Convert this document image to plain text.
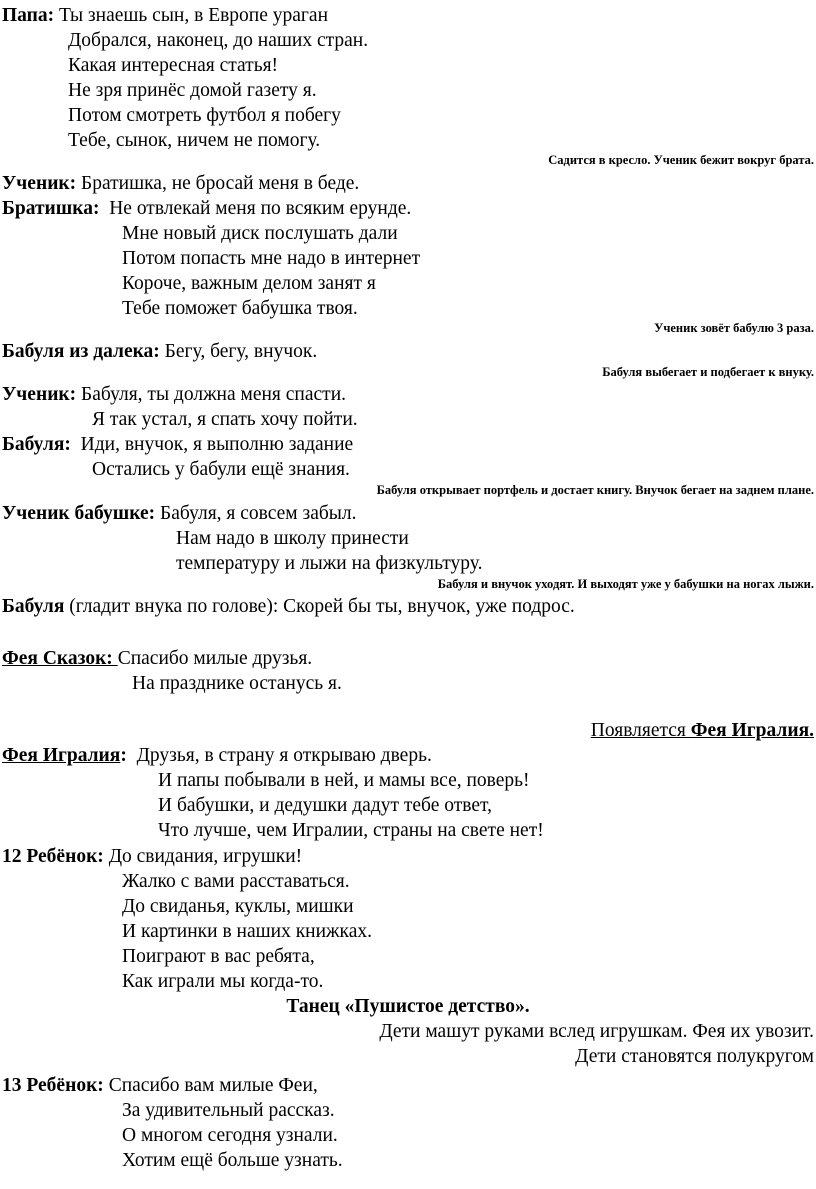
Папа: Ты знаешь сын, в Европе ураган
Добрался, наконец, до наших стран.
Какая интересная статья!
Не зря принёс домой газету я.
Потом смотреть футбол я побегу
Тебе, сынок, ничем не помогу.
Садится в кресло. Ученик бежит вокруг брата.
Ученик: Братишка, не бросай меня в беде.
Братишка: Не отвлекай меня по всяким ерунде.
Мне новый диск послушать дали
Потом попасть мне надо в интернет
Короче, важным делом занят я
Тебе поможет бабушка твоя.
Ученик зовёт бабулю 3 раза.
Бабуля из далека: Бегу, бегу, внучок.
Бабуля выбегает и подбегает к внуку.
Ученик: Бабуля, ты должна меня спасти.
Я так устал, я спать хочу пойти.
Бабуля: Иди, внучок, я выполню задание
Остались у бабули ещё знания.
Бабуля открывает портфель и достает книгу. Внучок бегает на заднем плане.
Ученик бабушке: Бабуля, я совсем забыл.
Нам надо в школу принести
температуру и лыжи на физкультуру.
Бабуля и внучок уходят. И выходят уже у бабушки на ногах лыжи.
Бабуля (гладит внука по голове): Скорей бы ты, внучок, уже подрос.
Фея Сказок: Спасибо милые друзья.
На празднике останусь я.
Появляется Фея Игралия.
Фея Игралия: Друзья, в страну я открываю дверь.
И папы побывали в ней, и мамы все, поверь!
И бабушки, и дедушки дадут тебе ответ,
Что лучше, чем Игралии, страны на свете нет!
12 Ребёнок: До свидания, игрушки!
Жалко с вами расставаться.
До свиданья, куклы, мишки
И картинки в наших книжках.
Поиграют в вас ребята,
Как играли мы когда-то.
Танец «Пушистое детство».
Дети машут руками вслед игрушкам. Фея их увозит.
Дети становятся полукругом
13 Ребёнок: Спасибо вам милые Феи,
За удивительный рассказ.
О многом сегодня узнали.
Хотим ещё больше узнать.
